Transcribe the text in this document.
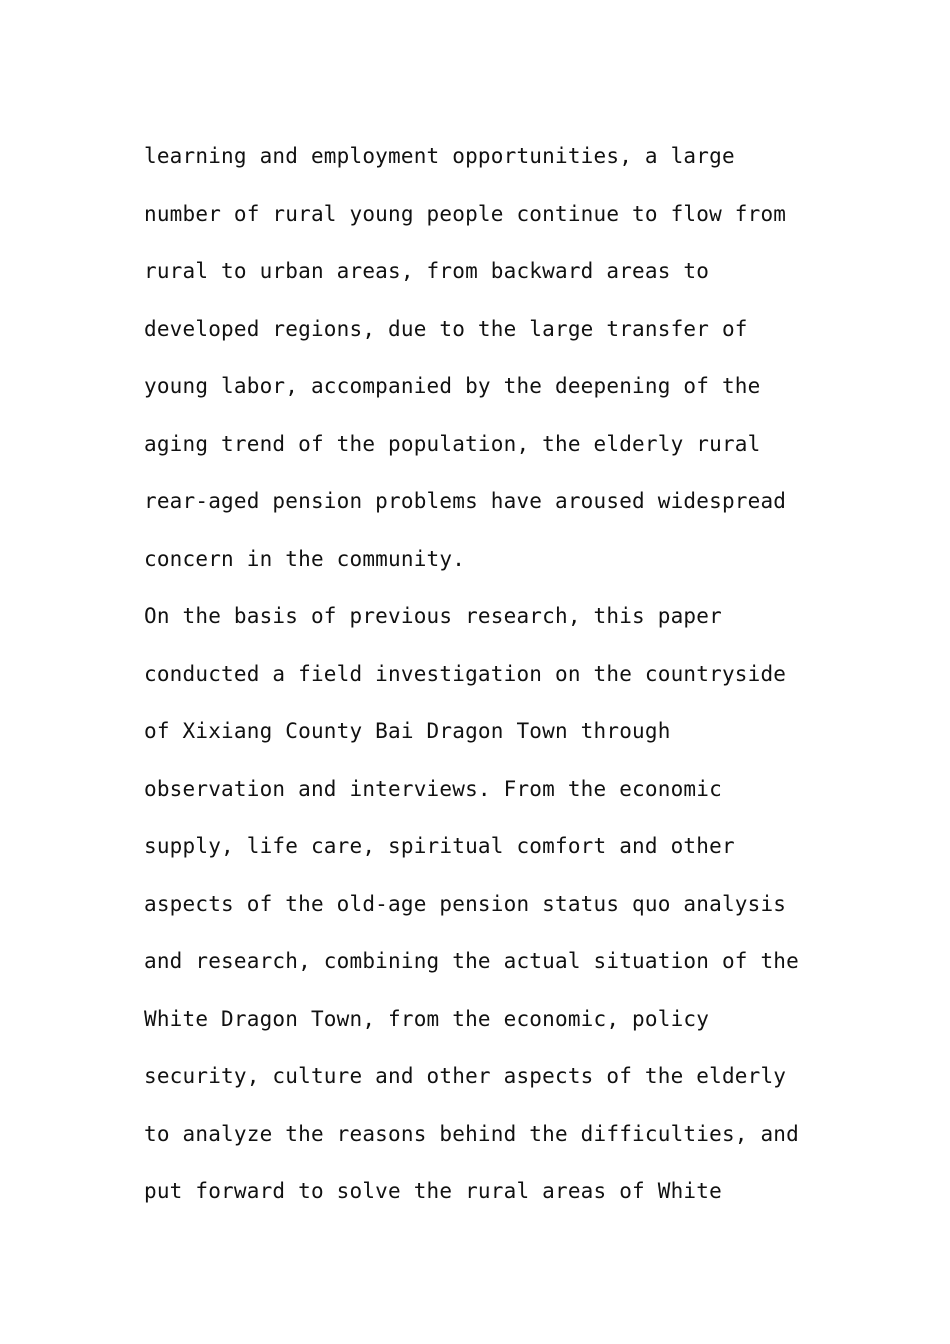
learning and employment opportunities, a large
number of rural young people continue to flow from
rural to urban areas, from backward areas to
developed regions, due to the large transfer of
young labor, accompanied by the deepening of the
aging trend of the population, the elderly rural
rear-aged pension problems have aroused widespread
concern in the community.
On the basis of previous research, this paper
conducted a field investigation on the countryside
of Xixiang County Bai Dragon Town through
observation and interviews. From the economic
supply, life care, spiritual comfort and other
aspects of the old-age pension status quo analysis
and research, combining the actual situation of the
White Dragon Town, from the economic, policy
security, culture and other aspects of the elderly
to analyze the reasons behind the difficulties, and
put forward to solve the rural areas of White
